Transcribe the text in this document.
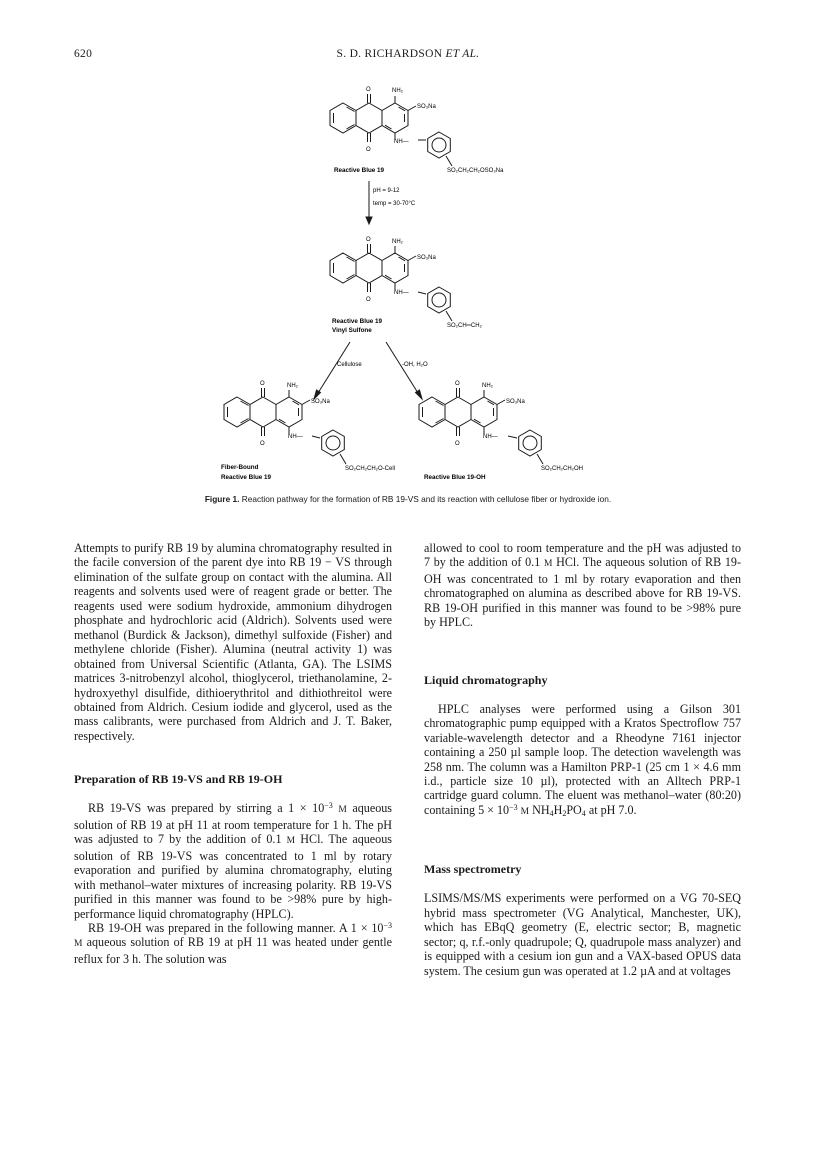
620	S. D. RICHARDSON ET AL.
O
O
NH₂
SO₃Na
NH—
SO₂CH₂CH₂OSO₃Na
Reactive Blue 19
pH = 9-12
temp = 30-70°C
O
O
NH₂
SO₃Na
NH—
SO₂CH═CH₂
Reactive Blue 19
Vinyl Sulfone
Cellulose	-OH, H₂O
O
O
NH₂
SO₃Na
NH—
SO₂CH₂CH₂O-Cell
Fiber-Bound
Reactive Blue 19
O
O
NH₂
SO₃Na
NH—
SO₂CH₂CH₂OH
Reactive Blue 19-OH
Figure 1. Reaction pathway for the formation of RB 19-VS and its reaction with cellulose fiber or hydroxide ion.

Attempts to purify RB 19 by alumina chromatography resulted in the facile conversion of the parent dye into RB 19 − VS through elimination of the sulfate group on contact with the alumina. All reagents and solvents used were of reagent grade or better. The reagents used were sodium hydroxide, ammonium dihydrogen phosphate and hydrochloric acid (Aldrich). Solvents used were methanol (Burdick & Jackson), dimethyl sulfoxide (Fisher) and methylene chloride (Fisher). Alumina (neutral activity 1) was obtained from Universal Scientific (Atlanta, GA). The LSIMS matrices 3-nitrobenzyl alcohol, thioglycerol, triethanolamine, 2-hydroxyethyl disulfide, dithioerythritol and dithiothreitol were obtained from Aldrich. Cesium iodide and glycerol, used as the mass calibrants, were purchased from Aldrich and J. T. Baker, respectively.

Preparation of RB 19-VS and RB 19-OH

RB 19-VS was prepared by stirring a $1 \times 10^{-3}$ M aqueous solution of RB 19 at pH 11 at room temperature for 1 h. The pH was adjusted to 7 by the addition of 0.1 M HCl. The aqueous solution of RB 19-VS was concentrated to 1 ml by rotary evaporation and purified by alumina chromatography, eluting with methanol–water mixtures of increasing polarity. RB 19-VS purified in this manner was found to be >98% pure by high-performance liquid chromatography (HPLC).

RB 19-OH was prepared in the following manner. A $1 \times 10^{-3}$ M aqueous solution of RB 19 at pH 11 was heated under gentle reflux for 3 h. The solution was

allowed to cool to room temperature and the pH was adjusted to 7 by the addition of 0.1 M HCl. The aqueous solution of RB 19-OH was concentrated to 1 ml by rotary evaporation and then chromatographed on alumina as described above for RB 19-VS. RB 19-OH purified in this manner was found to be >98% pure by HPLC.

Liquid chromatography

HPLC analyses were performed using a Gilson 301 chromatographic pump equipped with a Kratos Spectroflow 757 variable-wavelength detector and a Rheodyne 7161 injector containing a 250 µl sample loop. The detection wavelength was 258 nm. The column was a Hamilton PRP-1 (25 cm 1 × 4.6 mm i.d., particle size 10 µl), protected with an Alltech PRP-1 cartridge guard column. The eluent was methanol–water (80:20) containing $5 \times 10^{-3}$ M $NH_4H_2PO_4$ at pH 7.0.

Mass spectrometry

LSIMS/MS/MS experiments were performed on a VG 70-SEQ hybrid mass spectrometer (VG Analytical, Manchester, UK), which has EBqQ geometry (E, electric sector; B, magnetic sector; q, r.f.-only quadrupole; Q, quadrupole mass analyzer) and is equipped with a cesium ion gun and a VAX-based OPUS data system. The cesium gun was operated at 1.2 µA and at voltages
